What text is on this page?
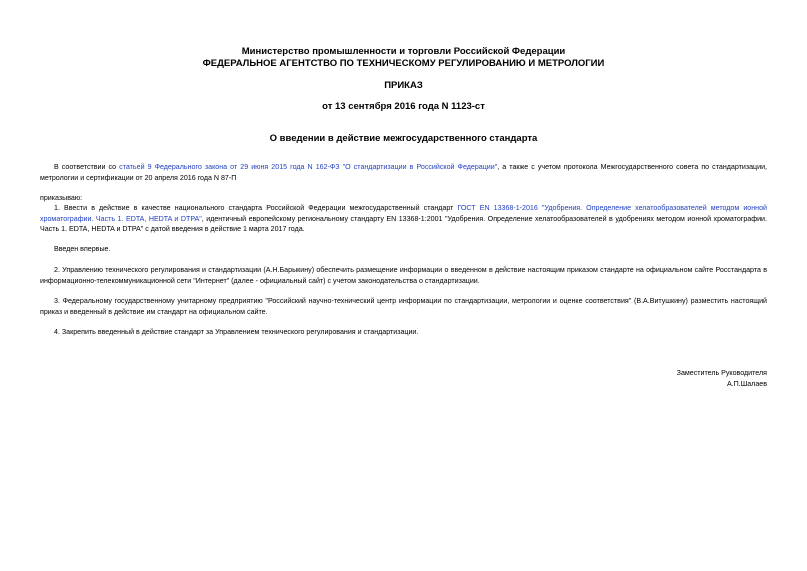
Министерство промышленности и торговли Российской Федерации
ФЕДЕРАЛЬНОЕ АГЕНТСТВО ПО ТЕХНИЧЕСКОМУ РЕГУЛИРОВАНИЮ И МЕТРОЛОГИИ
ПРИКАЗ
от 13 сентября 2016 года N 1123-ст
О введении в действие межгосударственного стандарта
В соответствии со статьей 9 Федерального закона от 29 июня 2015 года N 162-ФЗ "О стандартизации в Российской Федерации", а также с учетом протокола Межгосударственного совета по стандартизации, метрологии и сертификации от 20 апреля 2016 года N 87-П
приказываю:
1. Ввести в действие в качестве национального стандарта Российской Федерации межгосударственный стандарт ГОСТ EN 13368-1-2016 "Удобрения. Определение хелатообразователей методом ионной хроматографии. Часть 1. EDTA, HEDTA и DTPA", идентичный европейскому региональному стандарту EN 13368-1:2001 "Удобрения. Определение хелатообразователей в удобрениях методом ионной хроматографии. Часть 1. EDTA, HEDTA и DTPA" с датой введения в действие 1 марта 2017 года.
Введен впервые.
2. Управлению технического регулирования и стандартизации (А.Н.Барыкину) обеспечить размещение информации о введенном в действие настоящим приказом стандарте на официальном сайте Росстандарта в информационно-телекоммуникационной сети "Интернет" (далее - официальный сайт) с учетом законодательства о стандартизации.
3. Федеральному государственному унитарному предприятию "Российский научно-технический центр информации по стандартизации, метрологии и оценке соответствия" (В.А.Витушкину) разместить настоящий приказ и введенный в действие им стандарт на официальном сайте.
4. Закрепить введенный в действие стандарт за Управлением технического регулирования и стандартизации.
Заместитель Руководителя
А.П.Шалаев
